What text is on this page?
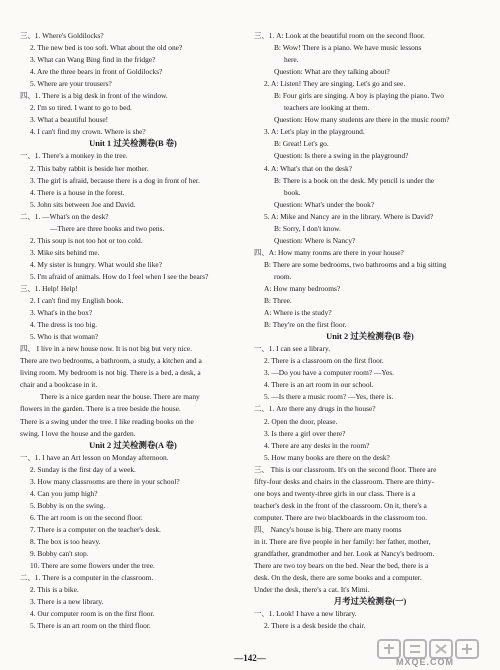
三、1. Where's Goldilocks?
2. The new bed is too soft. What about the old one?
3. What can Wang Bing find in the fridge?
4. Are the three bears in front of Goldilocks?
5. Where are your trousers?
四、1. There is a big desk in front of the window.
2. I'm so tired. I want to go to bed.
3. What a beautiful house!
4. I can't find my crown. Where is she?
Unit 1 过关检测卷(B 卷)
一、1. There's a monkey in the tree.
2. This baby rabbit is beside her mother.
3. The girl is afraid, because there is a dog in front of her.
4. There is a house in the forest.
5. John sits between Joe and David.
二、1. —What's on the desk?
—There are three books and two pens.
2. This soup is not too hot or too cold.
3. Mike sits behind me.
4. My sister is hungry. What would she like?
5. I'm afraid of animals. How do I feel when I see the bears?
三、1. Help! Help!
2. I can't find my English book.
3. What's in the box?
4. The dress is too big.
5. Who is that woman?
四、 I live in a new house now. It is not big but very nice.
There are two bedrooms, a bathroom, a study, a kitchen and a
living room. My bedroom is not big. There is a bed, a desk, a
chair and a bookcase in it.
There is a nice garden near the house. There are many
flowers in the garden. There is a tree beside the house.
There is a swing under the tree. I like reading books on the
swing. I love the house and the garden.
Unit 2 过关检测卷(A 卷)
一、1. I have an Art lesson on Monday afternoon.
2. Sunday is the first day of a week.
3. How many classrooms are there in your school?
4. Can you jump high?
5. Bobby is on the swing.
6. The art room is on the second floor.
7. There is a computer on the teacher's desk.
8. The box is too heavy.
9. Bobby can't stop.
10. There are some flowers under the tree.
二、1. There is a computer in the classroom.
2. This is a bike.
3. There is a new library.
4. Our computer room is on the first floor.
5. There is an art room on the third floor.
三、1. A: Look at the beautiful room on the second floor.
B: Wow! There is a piano. We have music lessons
here.
Question: What are they talking about?
2. A: Listen! They are singing. Let's go and see.
B: Four girls are singing. A boy is playing the piano. Two
teachers are looking at them.
Question: How many students are there in the music room?
3. A: Let's play in the playground.
B: Great! Let's go.
Question: Is there a swing in the playground?
4. A: What's that on the desk?
B: There is a book on the desk. My pencil is under the
book.
Question: What's under the book?
5. A: Mike and Nancy are in the library. Where is David?
B: Sorry, I don't know.
Question: Where is Nancy?
四、A: How many rooms are there in your house?
B: There are some bedrooms, two bathrooms and a big sitting
room.
A: How many bedrooms?
B: Three.
A: Where is the study?
B: They're on the first floor.
Unit 2 过关检测卷(B 卷)
一、1. I can see a library.
2. There is a classroom on the first floor.
3. —Do you have a computer room? —Yes.
4. There is an art room in our school.
5. —Is there a music room? —Yes, there is.
二、1. Are there any drugs in the house?
2. Open the door, please.
3. Is there a girl over there?
4. There are any desks in the room?
5. How many books are there on the desk?
三、 This is our classroom. It's on the second floor. There are
fifty-four desks and chairs in the classroom. There are thirty-
one boys and twenty-three girls in our class. There is a
teacher's desk in the front of the classroom. On it, there's a
computer. There are two blackboards in the classroom too.
四、 Nancy's house is big. There are many rooms
in it. There are five people in her family: her father, mother,
grandfather, grandmother and her. Look at Nancy's bedroom.
There are two toy bears on the bed. Near the bed, there is a
desk. On the desk, there are some books and a computer.
Under the desk, there's a cat. It's Mimi.
月考过关检测卷(一)
一、1. Look! I have a new library.
2. There is a desk beside the chair.
—142—	MXQE.COM
